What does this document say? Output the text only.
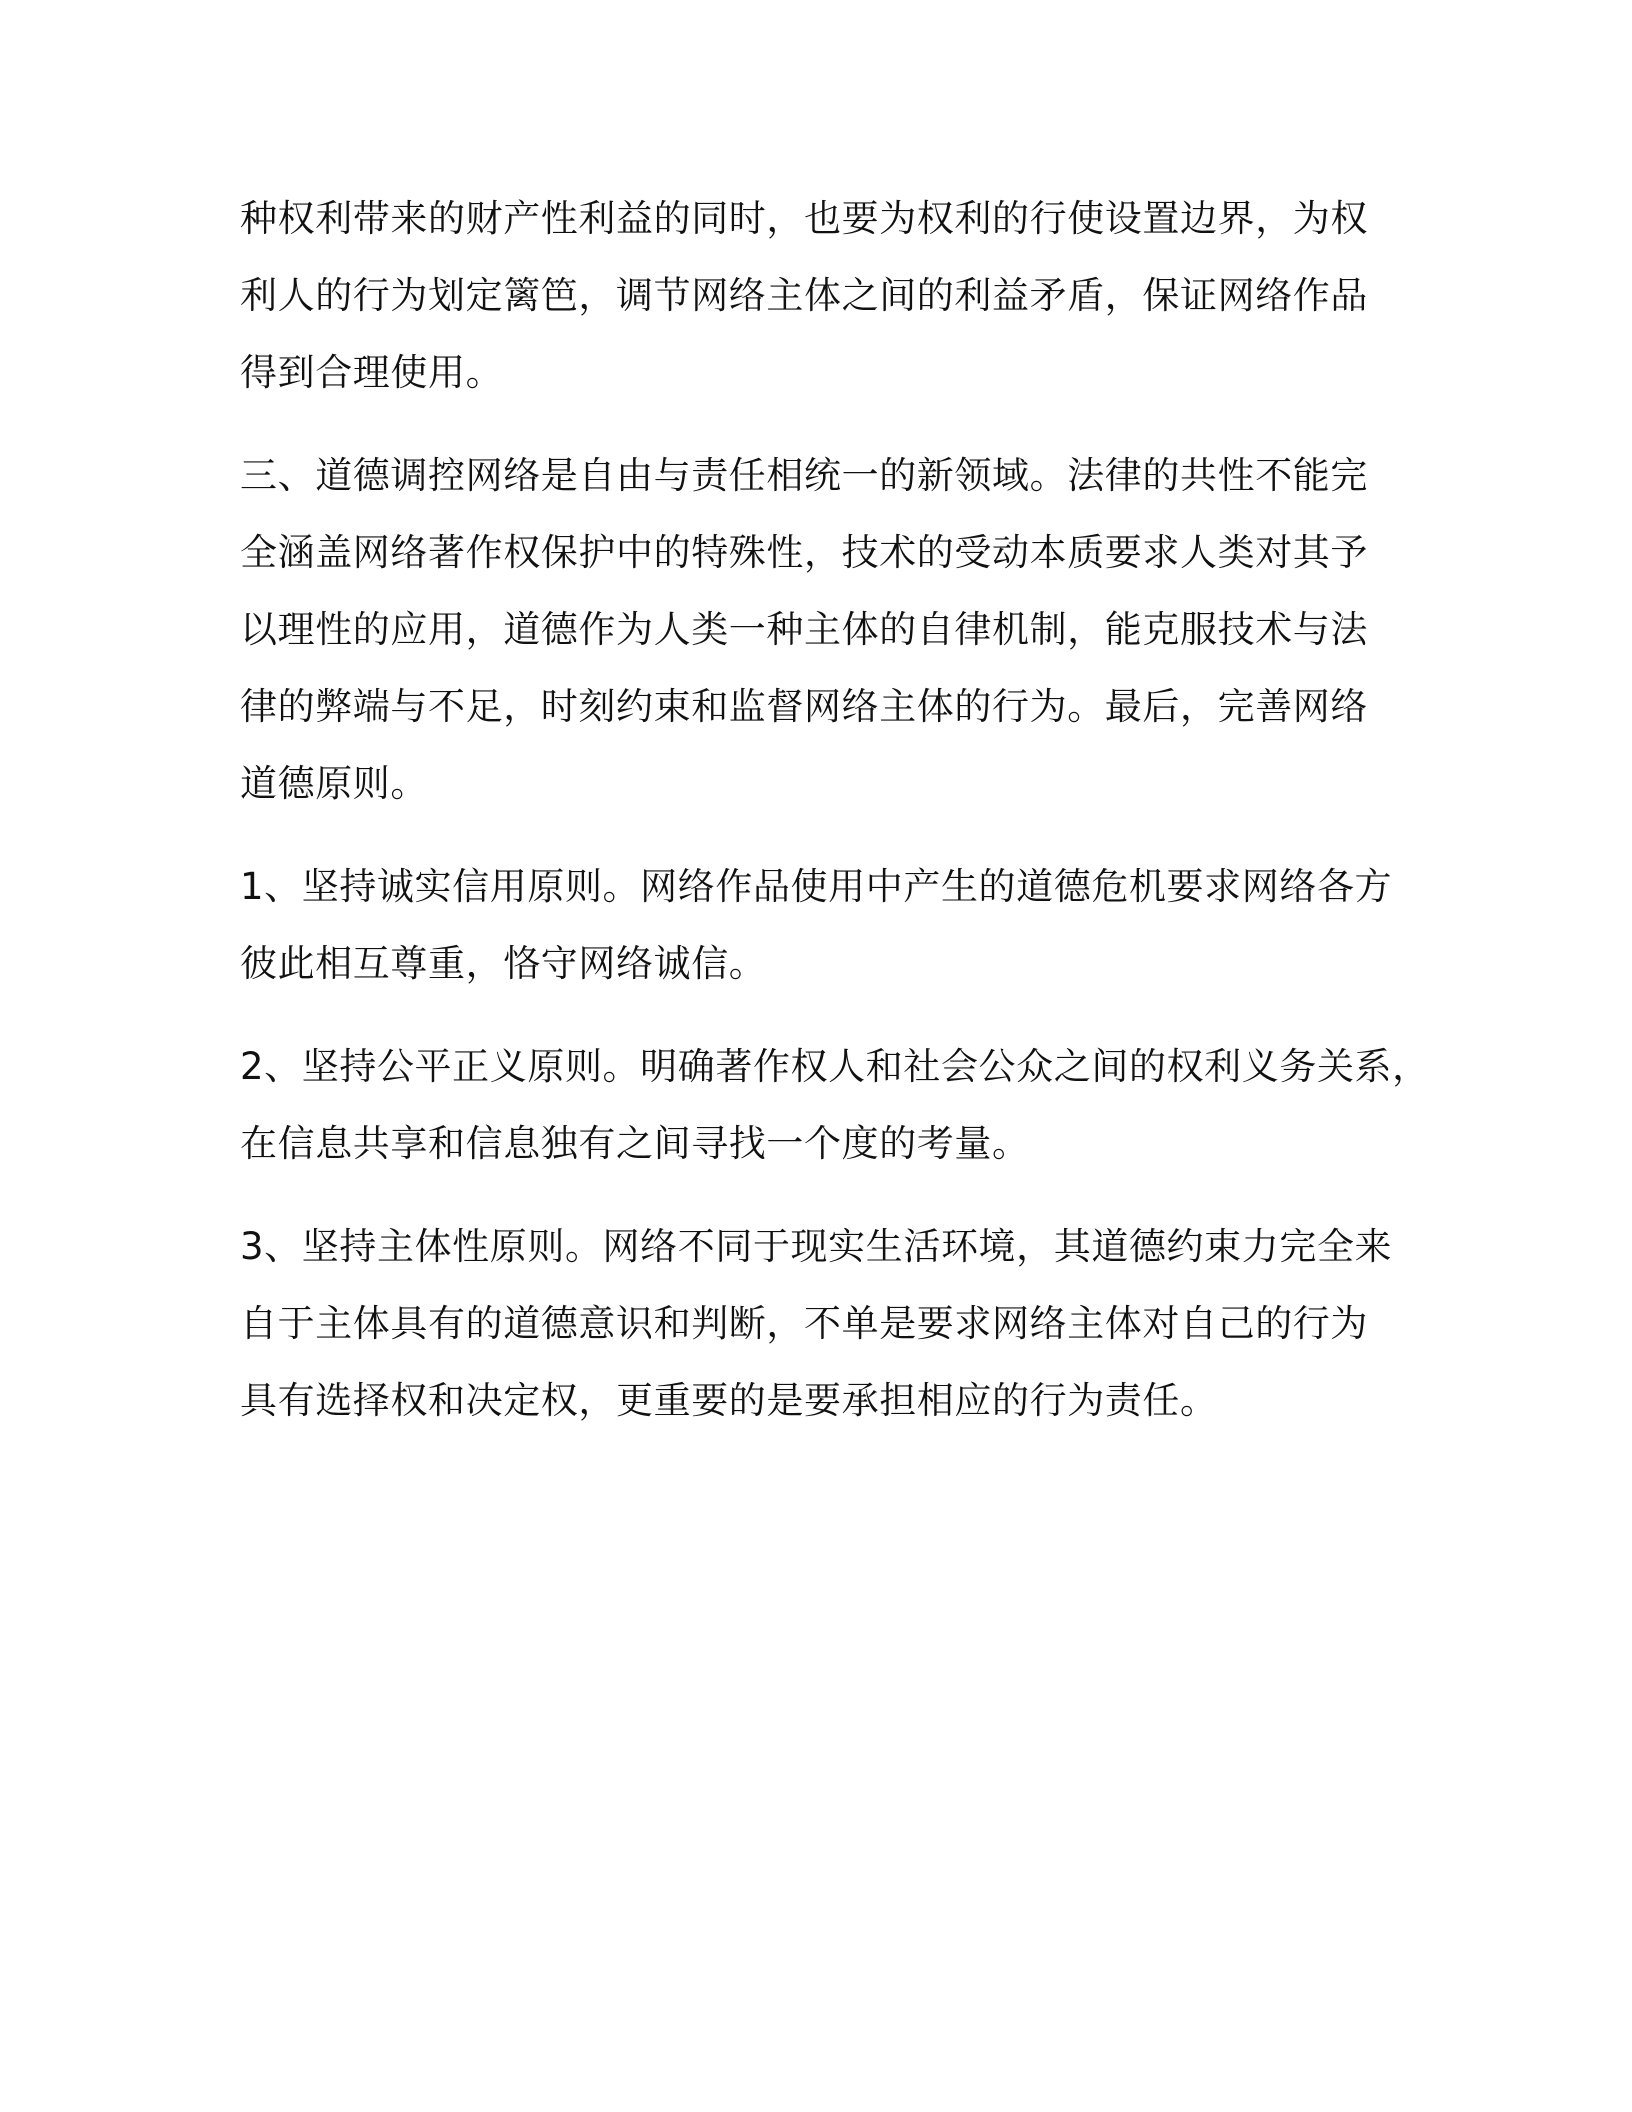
种权利带来的财产性利益的同时，也要为权利的行使设置边界，为权

利人的行为划定篱笆，调节网络主体之间的利益矛盾，保证网络作品

得到合理使用。

三、道德调控网络是自由与责任相统一的新领域。法律的共性不能完

全涵盖网络著作权保护中的特殊性，技术的受动本质要求人类对其予

以理性的应用，道德作为人类一种主体的自律机制，能克服技术与法

律的弊端与不足，时刻约束和监督网络主体的行为。最后，完善网络

道德原则。

1、坚持诚实信用原则。网络作品使用中产生的道德危机要求网络各方

彼此相互尊重，恪守网络诚信。

2、坚持公平正义原则。明确著作权人和社会公众之间的权利义务关系，

在信息共享和信息独有之间寻找一个度的考量。

3、坚持主体性原则。网络不同于现实生活环境，其道德约束力完全来

自于主体具有的道德意识和判断，不单是要求网络主体对自己的行为

具有选择权和决定权，更重要的是要承担相应的行为责任。
